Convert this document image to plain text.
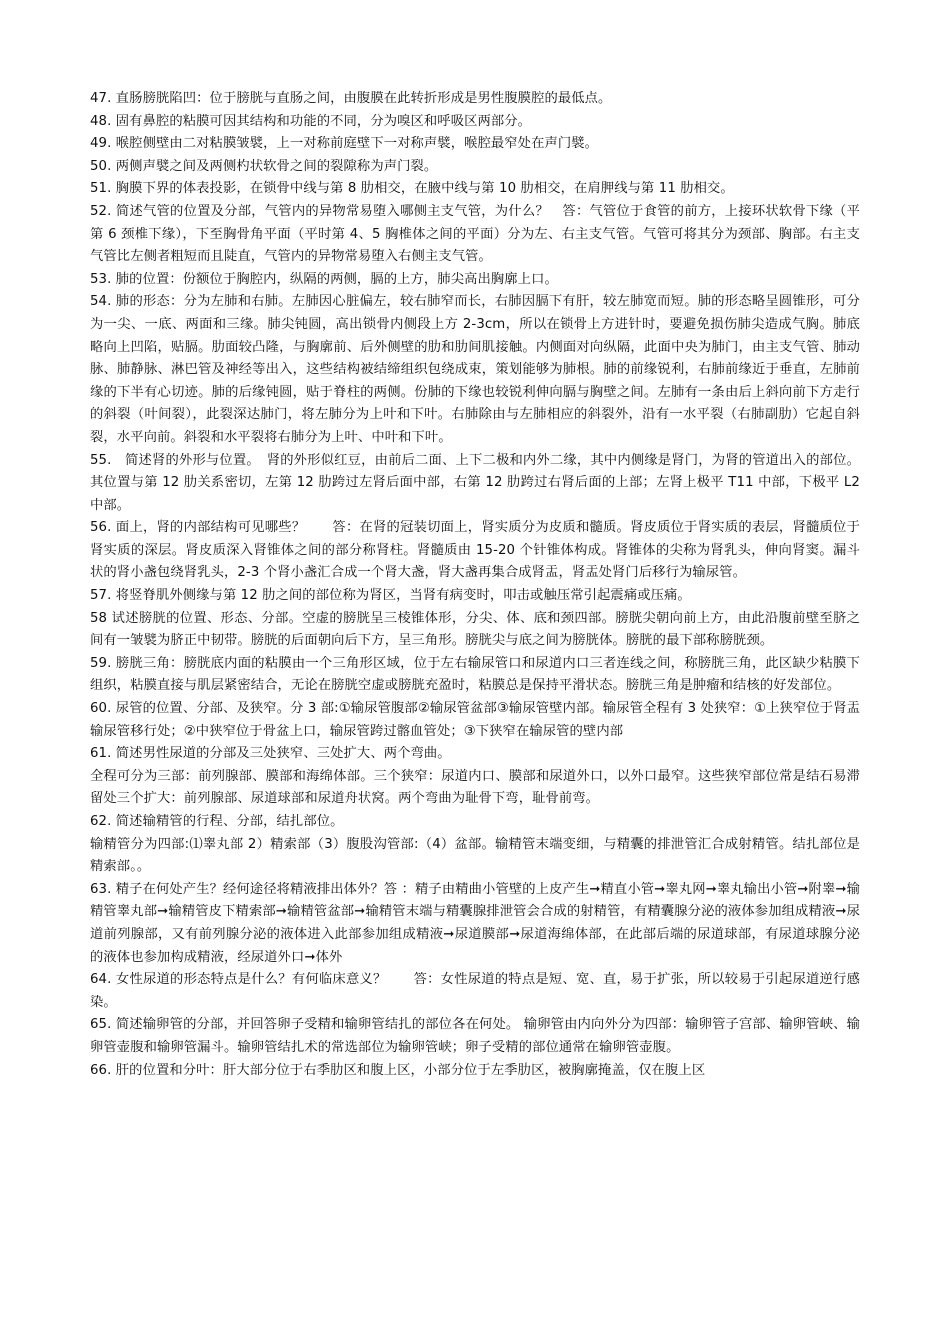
47. 直肠膀胱陷凹：位于膀胱与直肠之间，由腹膜在此转折形成是男性腹膜腔的最低点。

48. 固有鼻腔的粘膜可因其结构和功能的不同，分为嗅区和呼吸区两部分。

49. 喉腔侧壁由二对粘膜皱襞，上一对称前庭壁下一对称声襞，喉腔最窄处在声门襞。

50. 两侧声襞之间及两侧杓状软骨之间的裂隙称为声门裂。

51. 胸膜下界的体表投影，在锁骨中线与第 8 肋相交，在腋中线与第 10 肋相交，在肩胛线与第 11 肋相交。

52. 简述气管的位置及分部，气管内的异物常易堕入哪侧主支气管，为什么？　答：气管位于食管的前方，上接环状软骨下缘（平第 6 颈椎下缘），下至胸骨角平面（平时第 4、5 胸椎体之间的平面）分为左、右主支气管。气管可将其分为颈部、胸部。右主支气管比左侧者粗短而且陡直，气管内的异物常易堕入右侧主支气管。

53. 肺的位置：份额位于胸腔内，纵隔的两侧，膈的上方，肺尖高出胸廓上口。

54. 肺的形态：分为左肺和右肺。左肺因心脏偏左，较右肺窄而长，右肺因膈下有肝，较左肺宽而短。肺的形态略呈圆锥形，可分为一尖、一底、两面和三缘。肺尖钝圆，高出锁骨内侧段上方 2-3cm，所以在锁骨上方进针时，要避免损伤肺尖造成气胸。肺底略向上凹陷，贴膈。肋面较凸隆，与胸廓前、后外侧壁的肋和肋间肌接触。内侧面对向纵隔，此面中央为肺门，由主支气管、肺动脉、肺静脉、淋巴管及神经等出入，这些结构被结缔组织包绕成束，策划能够为肺根。肺的前缘锐利，右肺前缘近于垂直，左肺前缘的下半有心切迹。肺的后缘钝圆，贴于脊柱的两侧。份肺的下缘也较锐利伸向膈与胸壁之间。左肺有一条由后上斜向前下方走行的斜裂（叶间裂），此裂深达肺门，将左肺分为上叶和下叶。右肺除由与左肺相应的斜裂外，沿有一水平裂（右肺副肋）它起自斜裂，水平向前。斜裂和水平裂将右肺分为上叶、中叶和下叶。

55.　简述肾的外形与位置。　肾的外形似红豆，由前后二面、上下二极和内外二缘，其中内侧缘是肾门，为肾的管道出入的部位。其位置与第 12 肋关系密切，左第 12 肋跨过左肾后面中部，右第 12 肋跨过右肾后面的上部；左肾上极平 T11 中部，下极平 L2 中部。

56. 面上，肾的内部结构可见哪些？　　答：在肾的冠装切面上，肾实质分为皮质和髓质。肾皮质位于肾实质的表层，肾髓质位于肾实质的深层。肾皮质深入肾锥体之间的部分称肾柱。肾髓质由 15-20 个针锥体构成。肾锥体的尖称为肾乳头，伸向肾窦。漏斗状的肾小盏包绕肾乳头，2-3 个肾小盏汇合成一个肾大盏，肾大盏再集合成肾盂，肾盂处肾门后移行为输尿管。

57. 将竖脊肌外侧缘与第 12 肋之间的部位称为肾区，当肾有病变时，叩击或触压常引起震痛或压痛。

58 试述膀胱的位置、形态、分部。空虚的膀胱呈三棱锥体形，分尖、体、底和颈四部。膀胱尖朝向前上方，由此沿腹前壁至脐之间有一皱襞为脐正中韧带。膀胱的后面朝向后下方，呈三角形。膀胱尖与底之间为膀胱体。膀胱的最下部称膀胱颈。

59. 膀胱三角：膀胱底内面的粘膜由一个三角形区域，位于左右输尿管口和尿道内口三者连线之间，称膀胱三角，此区缺少粘膜下组织，粘膜直接与肌层紧密结合，无论在膀胱空虚或膀胱充盈时，粘膜总是保持平滑状态。膀胱三角是肿瘤和结核的好发部位。

60. 尿管的位置、分部、及狭窄。分 3 部:①输尿管腹部②输尿管盆部③输尿管壁内部。输尿管全程有 3 处狭窄：①上狭窄位于肾盂输尿管移行处；②中狭窄位于骨盆上口，输尿管跨过髂血管处；③下狭窄在输尿管的壁内部

61. 简述男性尿道的分部及三处狭窄、三处扩大、两个弯曲。

全程可分为三部：前列腺部、膜部和海绵体部。三个狭窄：尿道内口、膜部和尿道外口，以外口最窄。这些狭窄部位常是结石易滞留处三个扩大：前列腺部、尿道球部和尿道舟状窝。两个弯曲为耻骨下弯，耻骨前弯。

62. 简述输精管的行程、分部，结扎部位。

输精管分为四部:⑴睾丸部 2）精索部（3）腹股沟管部:（4）盆部。输精管末端变细，与精囊的排泄管汇合成射精管。结扎部位是精索部。。

63. 精子在何处产生？经何途径将精液排出体外？答 ：精子由精曲小管壁的上皮产生➞精直小管➞睾丸网➞睾丸输出小管➞附睾➞输精管睾丸部➞输精管皮下精索部➞输精管盆部➞输精管末端与精囊腺排泄管会合成的射精管，有精囊腺分泌的液体参加组成精液➞尿道前列腺部，又有前列腺分泌的液体进入此部参加组成精液➞尿道膜部➞尿道海绵体部，在此部后端的尿道球部，有尿道球腺分泌的液体也参加构成精液，经尿道外口➞体外

64. 女性尿道的形态特点是什么？有何临床意义？　　答：女性尿道的特点是短、宽、直，易于扩张，所以较易于引起尿道逆行感染。

65. 简述输卵管的分部，并回答卵子受精和输卵管结扎的部位各在何处。 输卵管由内向外分为四部：输卵管子宫部、输卵管峡、输卵管壶腹和输卵管漏斗。输卵管结扎术的常选部位为输卵管峡；卵子受精的部位通常在输卵管壶腹。

66. 肝的位置和分叶：肝大部分位于右季肋区和腹上区，小部分位于左季肋区，被胸廓掩盖，仅在腹上区
